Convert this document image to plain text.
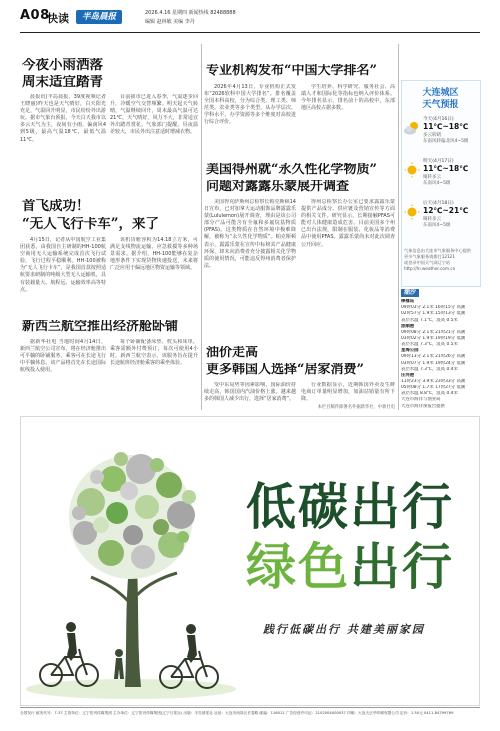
A08
快读	半岛晨报	2026.4.16 星期四 新闻热线 82488888
编辑 赵林敏 美编 李丹
今夜小雨洒落
周末适宜踏青
晨报讯(半岛晨报、39度视频记者 王晓丽)昨天也是天气晴好，白天阳光充足，气温回升明显，市民纷纷外出游玩。据市气象台预报，今天白天我市以多云天气为主，夜间有小雨，偏南风4到5级，最高气温18℃，最低气温11℃。
目前我市已进入春季，气温逐步回升，冷暖空气交替频繁。明天起天气转晴，气温继续回升，周末最高气温可达21℃，天气晴好，风力不大，非常适宜外出踏青赏花。气象部门提醒，昼夜温差较大，市民外出注意适时增减衣物。
首飞成功！
“无人飞行卡车”，来了
4月15日，记者从中国航空工业集团获悉，由我国自主研制的HH-100航空商用无人运输系统完成首次飞行试验，飞行过程平稳顺利。HH-100被称为“无人飞行卡车”，是我国首款按照适航要求研制的吨级大型无人运输机，具有装载量大、航程远、运输效率高等特点。
该机货舱容积为14.18立方米，可满足支线物流运输、应急救援等多种场景需求。据介绍，HH-100能够在复杂地形条件下实现货物快速投送，未来将广泛应用于偏远地区物资运输等领域。
新西兰航空推出经济舱卧铺
据新华社电 当地时间4月14日，新西兰航空公司宣布，将在经济舱推出可平躺的卧铺服务，乘客可在长途飞行中平躺休息。该产品将首先在长途国际航线投入使用。
每个卧铺配备床垫、枕头和床单，乘客需额外付费预订，每次可使用4小时。新西兰航空表示，该服务旨在提升长途航班经济舱乘客的乘坐体验。
专业机构发布“中国大学排名”
2026年4月13日，专业机构正式发布“2026软科中国大学排名”。排名覆盖全国本科高校，分为综合类、理工类、师范类、农业类等多个类型，从办学层次、学科水平、办学资源等多个维度对高校进行综合评价。
学生培养、科学研究、服务社会、高端人才和国际化等指标也纳入评价体系。今年排名显示，排名前十的高校中，东部地区高校占据多数。
美国得州就“永久性化学物质”
问题对露露乐蒙展开调查
美国得克萨斯州总检察长帕克斯顿14日宣布，已对加拿大运动服饰品牌露露乐蒙(Lululemon)展开调查，理由是该公司部分产品可能含有全氟和多氟烷基物质(PFAS)。这类物质在自然环境中极难降解，被称为“永久性化学物质”。帕克斯顿表示，露露乐蒙在宣传中标榜其产品健康环保，却未向消费者充分披露相关化学物质的使用情况，可能违反得州消费者保护法。
得州总检察长办公室已要求露露乐蒙提供产品成分、供应链及营销宣传等方面的相关文件。研究显示，长期接触PFAS可能对人体健康造成危害。目前美国多个州已出台法规，限制在服装、化妆品等消费品中使用PFAS。露露乐蒙尚未对此次调查公开回应。
油价走高
更多韩国人选择“居家消费”
受中东局势等因素影响，国际油价持续走高，韩国国内汽油价格上涨。越来越多的韩国人减少出行，选择“居家消费”。
行业数据显示，近期韩国外卖及生鲜电商订单量明显增加，加油站销量有所下降。
本栏目稿件除署名外据新华社、中新社电
大连城区
天气预报
今天(4月16日)
11℃~18℃
多云转晴
东南风转偏北风4~5级
明天(4月17日)
11℃~18℃
晴转多云
东南风4~5级
后天(4月18日)
12℃~21℃
晴转多云
东南风4~5级
气象信息由大连市气象服务中心提供
更多气象服务请拨打12121
或登录中国天气网辽宁站
http://ln.weather.com.cn
潮汐
棒棰岛
09时03分 2.1米 16时15分 高潮
02时57分 1.9米 15时13分 低潮
表层水温 7.1℃，浪高 0.5米
旅顺港
09时08分 2.1米 21时21分 高潮
03时02分 1.9米 19时19分 低潮
表层水温 7.3℃，浪高 0.5米
星海公园
09时13分 2.1米 21时26分 高潮
03时07分 1.9米 19时24分 低潮
表层水温 7.3℃，浪高 0.4米
庄河港
11时23分 3.9米 23时33分 高潮
05时08分 1.7米 17时27分 低潮
表层水温 8.8℃，浪高 0.4米
大连市海洋与渔业局
大连市海洋预报台提供
低碳出行
绿色出行
践行低碳出行 共建美丽家园
全国发行 邮发代号：7-37 主管单位：辽宁报刊传媒集团 主办单位：辽宁报刊传媒集团(辽宁日报社) 出版：半岛晨报社 社址：大连市西岗区长春路 邮编：116011 广告经营许可证：2102004000037 印刷：大连天正华印刷有限公司 定价：1.50元 0411-84799769
